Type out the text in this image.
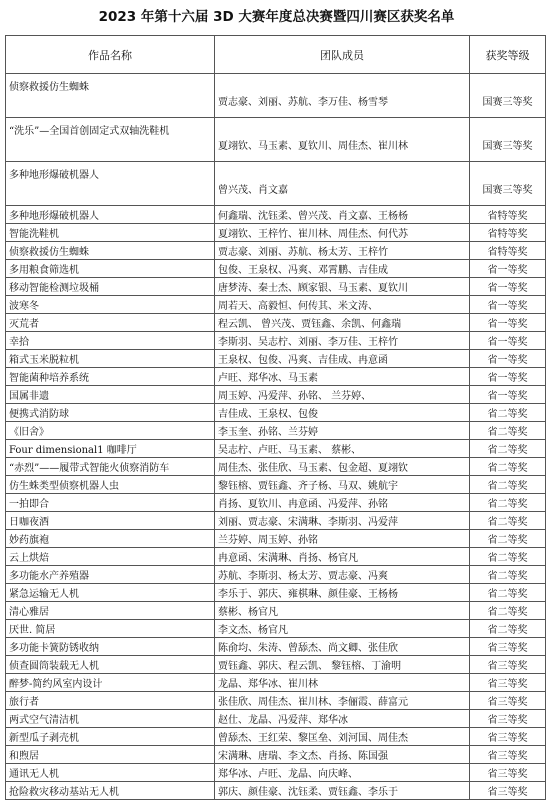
2023 年第十六届 3D 大赛年度总决赛暨四川赛区获奖名单
作品名称	团队成员	获奖等级
侦察救援仿生蜘蛛	贾志豪、刘丽、苏航、李万佳、杨雪琴	国赛三等奖
“洗乐”—全国首创固定式双轴洗鞋机	夏翊钦、马玉素、夏钦川、周佳杰、崔川林	国赛三等奖
多种地形爆破机器人	曾兴茂、肖文嘉	国赛三等奖
多种地形爆破机器人	何鑫瑞、沈钰柔、曾兴茂、肖文嘉、王杨杨	省特等奖
智能洗鞋机	夏翊钦、王梓竹、崔川林、周佳杰、何代苏	省特等奖
侦察救援仿生蜘蛛	贾志豪、刘丽、苏航、杨太芳、王梓竹	省特等奖
多用粮食筛选机	包俊、王泉权、冯爽、邓霄鹏、吉佳成	省一等奖
移动智能检测垃圾桶	唐梦涛、秦士杰、顾家银、马玉素、夏钦川	省一等奖
波寒冬	周若天、高毅恒、何传其、米文涛、	省一等奖
灭荒者	程云凯、 曾兴茂、贾钰鑫、余凯、何鑫瑞	省一等奖
幸拾	李斯羽、吴志柠、刘丽、李万佳、王梓竹	省一等奖
箱式玉米脱粒机	王泉权、包俊、冯爽、吉佳成、冉意函	省一等奖
智能菌种培养系统	卢旺、郑华冰、马玉素	省一等奖
国属非遗	周玉婷、冯爱萍、孙铭、 兰芬婷、	省一等奖
便携式消防球	吉佳成、王泉权、包俊	省二等奖
《旧舍》	李玉奎、孙铭、兰芬婷	省二等奖
Four dimensional1 咖啡厅	吴志柠、卢旺、马玉素、 蔡彬、	省二等奖
“赤烈”——履带式智能火侦察消防车	周佳杰、张佳欣、马玉素、包金超、夏翊钦	省二等奖
仿生蛛类型侦察机器人虫	黎钰榕、贾钰鑫、齐子杨、马双、姚航宇	省二等奖
一拍即合	肖扬、夏钦川、冉意函、冯爱萍、孙铭	省二等奖
日咖夜酒	刘丽、贾志豪、宋满琳、李斯羽、冯爱萍	省二等奖
妙药旗袍	兰芬婷、周玉婷、孙铭	省二等奖
云上烘焙	冉意函、宋满琳、肖扬、杨官凡	省二等奖
多功能水产养殖器	苏航、李斯羽、杨太芳、贾志豪、冯爽	省二等奖
紧急运输无人机	李乐于、郭庆、雍棋琳、颜佳豪、王杨杨	省二等奖
清心雅居	蔡彬、杨官凡	省二等奖
厌世. 简居	李文杰、杨官凡	省二等奖
多功能卡簧防锈收纳	陈俞均、朱涛、曾舔杰、尚文卿、张佳欣	省三等奖
侦查圆筒装载无人机	贾钰鑫、郭庆、程云凯、 黎钰榕、丁渝明	省三等奖
醉梦-简约风室内设计	龙晶、郑华冰、崔川林	省三等奖
旅行者	张佳欣、周佳杰、崔川林、李俪霞、薛富元	省三等奖
两式空气清洁机	赵仕、龙晶、冯爱萍、郑华冰	省三等奖
新型瓜子剥壳机	曾舔杰、王红荣、黎匡垒、刘河国、周佳杰	省三等奖
和煦居	宋满琳、唐瑞、李文杰、肖扬、陈国强	省三等奖
通讯无人机	郑华冰、卢旺、龙晶、向庆峰、	省三等奖
抢险救灾移动基站无人机	郭庆、颜佳豪、沈钰柔、贾钰鑫、李乐于	省三等奖
